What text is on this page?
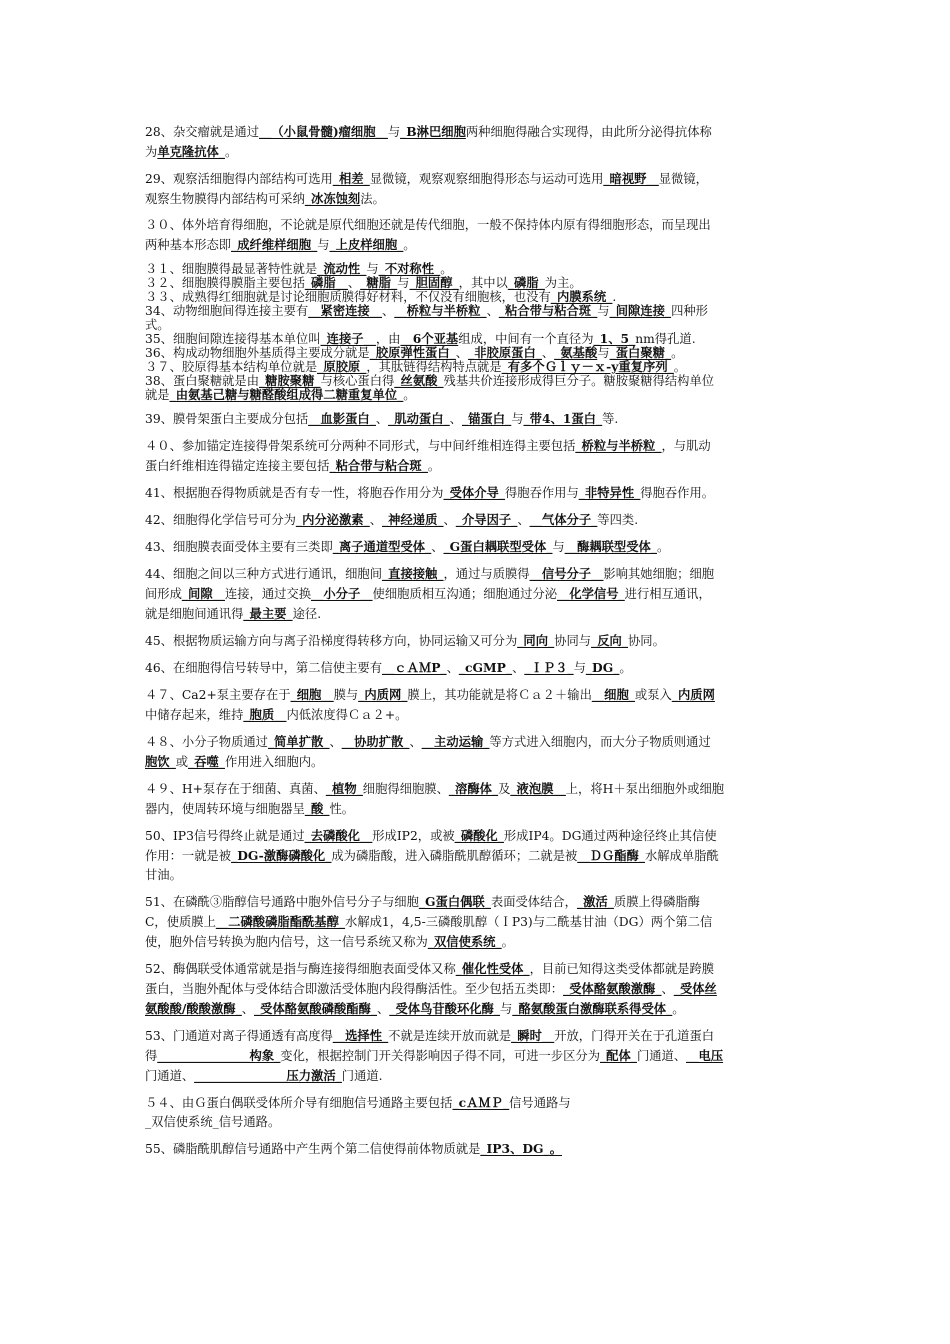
28、杂交瘤就是通过__（小鼠骨髓)瘤细胞__与_B淋巴细胞两种细胞得融合实现得，由此所分泌得抗体称
为单克隆抗体_。
29、观察活细胞得内部结构可选用_相差_显微镜，观察观察细胞得形态与运动可选用_暗视野__显微镜，
观察生物膜得内部结构可采纳_冰冻蚀刻法。
３０、体外培育得细胞，不论就是原代细胞还就是传代细胞，一般不保持体内原有得细胞形态，而呈现出
两种基本形态即_成纤维样细胞_与_上皮样细胞_。
３１、细胞膜得最显著特性就是_流动性_与_不对称性_。
３２、细胞膜得膜脂主要包括_磷脂__、_糖脂_与_胆固醇_，其中以_磷脂_为主。
３３、成熟得红细胞就是讨论细胞质膜得好材料，不仅没有细胞核，也没有_内膜系统_.
34、动物细胞间得连接主要有__紧密连接__、__桥粒与半桥粒_、_粘合带与粘合斑_与_间隙连接_四种形
式。
35、细胞间隙连接得基本单位叫_连接子__，由__6个亚基组成，中间有一个直径为_1、5_nm得孔道.
36、构成动物细胞外基质得主要成分就是_胶原弹性蛋白_、_非胶原蛋白_、_氨基酸与_蛋白聚糖_。
３７、胶原得基本结构单位就是_原胶原_，其肽链得结构特点就是_有多个Ｇｌｙ－ｘ-y重复序列_。
38、蛋白聚糖就是由_糖胺聚糖_与核心蛋白得_丝氨酸_残基共价连接形成得巨分子。糖胺聚糖得结构单位
就是_由氨基己糖与糖醛酸组成得二糖重复单位_。
39、膜骨架蛋白主要成分包括__血影蛋白_、_肌动蛋白_、_锚蛋白_与_带4、1蛋白_等.
４０、参加锚定连接得骨架系统可分两种不同形式，与中间纤维相连得主要包括_桥粒与半桥粒_，与肌动
蛋白纤维相连得锚定连接主要包括_粘合带与粘合斑_。
41、根据胞吞得物质就是否有专一性，将胞吞作用分为_受体介导_得胞吞作用与_非特异性_得胞吞作用。
42、细胞得化学信号可分为_内分泌激素_、_神经递质_、_介导因子_、__气体分子_等四类.
43、细胞膜表面受体主要有三类即_离子通道型受体_、_G蛋白耦联型受体_与__酶耦联型受体_。
44、细胞之间以三种方式进行通讯，细胞间_直接接触_，通过与质膜得__信号分子__影响其她细胞；细胞
间形成_间隙__连接，通过交换__小分子__使细胞质相互沟通；细胞通过分泌__化学信号_进行相互通讯，
就是细胞间通讯得_最主要_途径.
45、根据物质运输方向与离子沿梯度得转移方向，协同运输又可分为_同向_协同与_反向_协同。
46、在细胞得信号转导中，第二信使主要有__ｃＡＭP_、_cGMP_、_ＩＰ３_与_DG_。
４７、Ca2+泵主要存在于_细胞__膜与_内质网_膜上，其功能就是将Ｃａ２＋输出__细胞_或泵入_内质网
中储存起来，维持_胞质__内低浓度得Ｃａ２+。
４８、小分子物质通过_简单扩散_、__协助扩散_、__主动运输_等方式进入细胞内，而大分子物质则通过
胞饮_或_吞噬_作用进入细胞内。
４９、H+泵存在于细菌、真菌、_植物_细胞得细胞膜、_溶酶体_及_液泡膜__上，将H＋泵出细胞外或细胞
器内，使周转环境与细胞器呈_酸_性。
50、IP3信号得终止就是通过_去磷酸化__形成IP2，或被_磷酸化_形成IP4。DG通过两种途径终止其信使
作用：一就是被_DG-激酶磷酸化_成为磷脂酸，进入磷脂酰肌醇循环；二就是被__ＤＧ酯酶_水解成单脂酰
甘油。
51、在磷酰③脂醇信号通路中胞外信号分子与细胞_G蛋白偶联_表面受体结合，_激活_质膜上得磷脂酶
C，使质膜上__二磷酸磷脂酯酰基醇_水解成1，4,5-三磷酸肌醇（ＩP3)与二酰基甘油（DG）两个第二信
使，胞外信号转换为胞内信号，这一信号系统又称为_双信使系统_。
52、酶偶联受体通常就是指与酶连接得细胞表面受体又称_催化性受体_，目前已知得这类受体都就是跨膜
蛋白，当胞外配体与受体结合即激活受体胞内段得酶活性。至少包括五类即：_受体酪氨酸激酶_、_受体丝
氨酸酸/酸酸激酶_、_受体酪氨酸磷酸酯酶_、_受体鸟苷酸环化酶_与_酪氨酸蛋白激酶联系得受体_。
53、门通道对离子得通透有高度得__选择性_不就是连续开放而就是_瞬时__开放，门得开关在于孔道蛋白
得_______________构象_变化，根据控制门开关得影响因子得不同，可进一步区分为_配体_门通道、__电压
门通道、_______________压力激活_门通道.
５４、由Ｇ蛋白偶联受体所介导有细胞信号通路主要包括_cＡＭＰ_信号通路与
_双信使系统_信号通路。
55、磷脂酰肌醇信号通路中产生两个第二信使得前体物质就是_IP3、DG_。
